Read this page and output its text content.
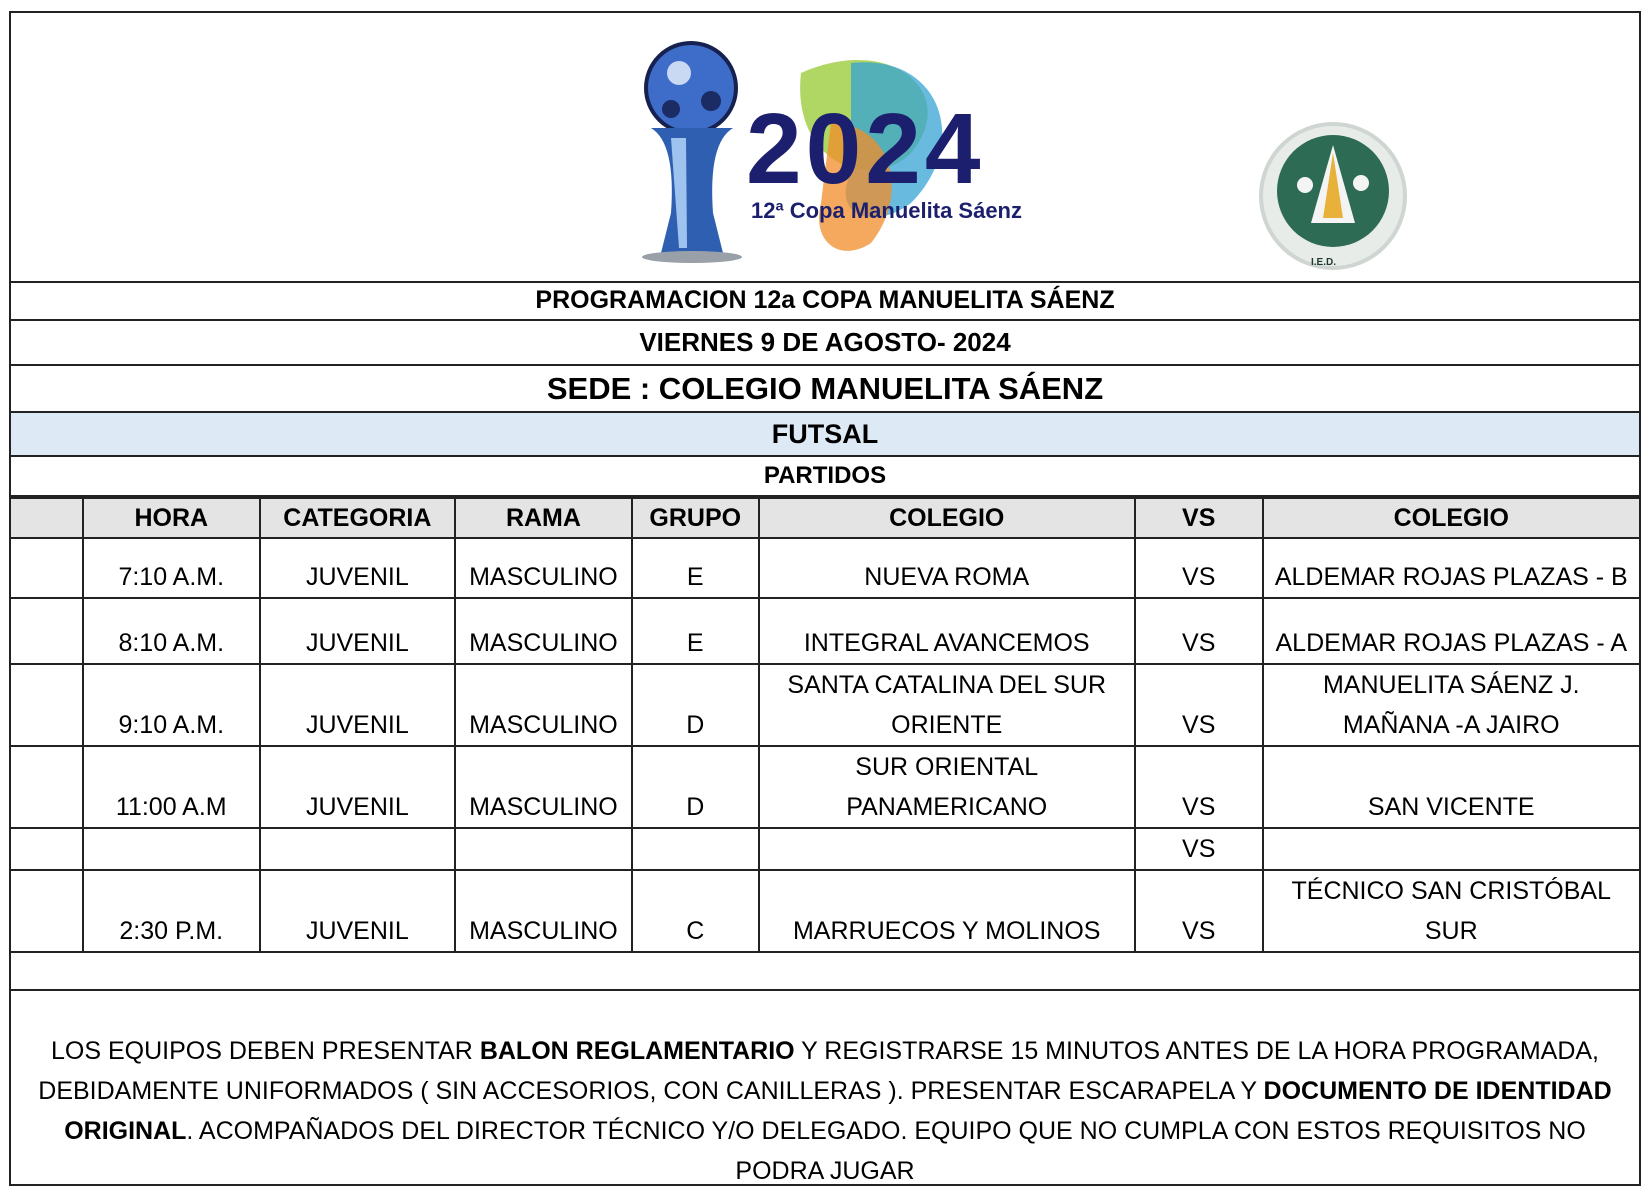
2024
12ª Copa Manuelita Sáenz
I.E.D.
PROGRAMACION 12a COPA MANUELITA SÁENZ
VIERNES 9 DE AGOSTO- 2024
SEDE : COLEGIO MANUELITA SÁENZ
FUTSAL
PARTIDOS
	HORA	CATEGORIA	RAMA	GRUPO	COLEGIO	VS	COLEGIO
	7:10 A.M.	JUVENIL	MASCULINO	E	NUEVA ROMA	VS	ALDEMAR ROJAS PLAZAS - B
	8:10 A.M.	JUVENIL	MASCULINO	E	INTEGRAL AVANCEMOS	VS	ALDEMAR ROJAS PLAZAS - A
	9:10 A.M.	JUVENIL	MASCULINO	D	SANTA CATALINA DEL SUR ORIENTE	VS	MANUELITA SÁENZ J. MAÑANA -A JAIRO
	11:00 A.M	JUVENIL	MASCULINO	D	SUR ORIENTAL PANAMERICANO	VS	SAN VICENTE
						VS	
	2:30 P.M.	JUVENIL	MASCULINO	C	MARRUECOS Y MOLINOS	VS	TÉCNICO SAN CRISTÓBAL SUR

LOS EQUIPOS DEBEN PRESENTAR BALON REGLAMENTARIO Y REGISTRARSE 15 MINUTOS ANTES DE LA HORA PROGRAMADA, DEBIDAMENTE UNIFORMADOS ( SIN ACCESORIOS, CON CANILLERAS ). PRESENTAR ESCARAPELA Y DOCUMENTO DE IDENTIDAD ORIGINAL. ACOMPAÑADOS DEL DIRECTOR TÉCNICO Y/O DELEGADO. EQUIPO QUE NO CUMPLA CON ESTOS REQUISITOS NO PODRA JUGAR
